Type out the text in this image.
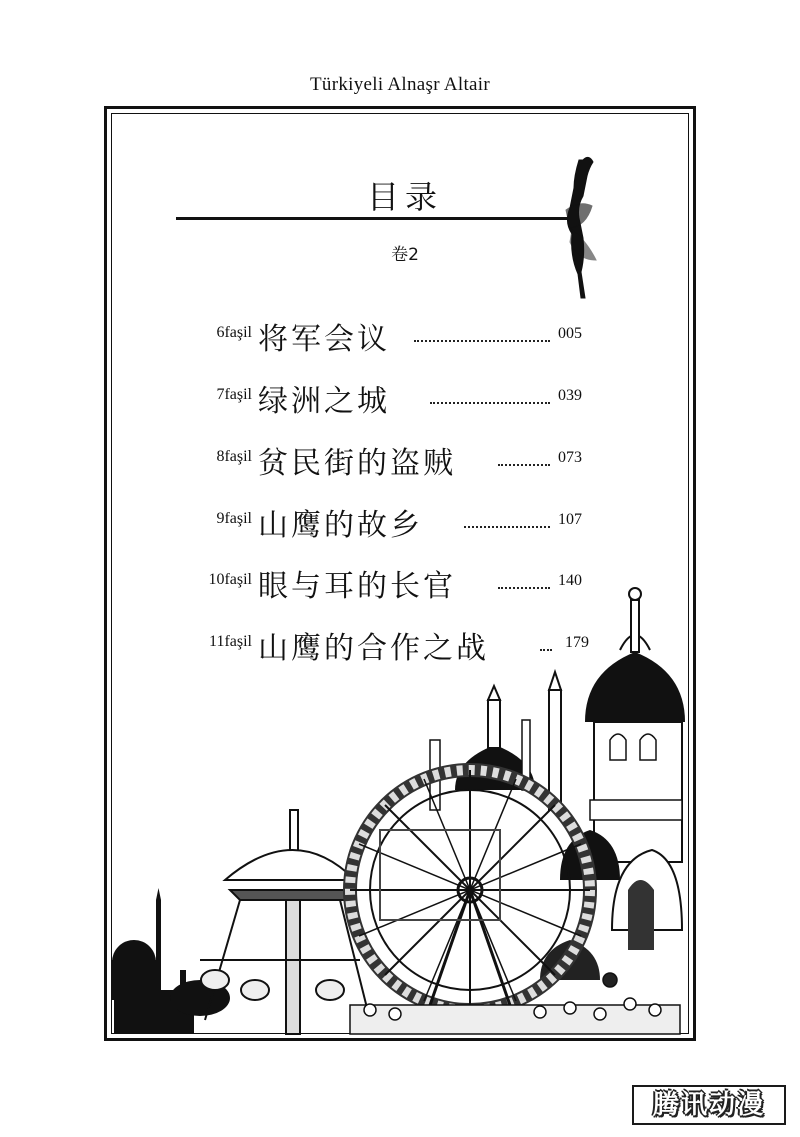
Türkiyeli Alnaşr Altair
目录
卷2
6faşil 将军会议	005
7faşil 绿洲之城	039
8faşil 贫民街的盗贼	073
9faşil 山鹰的故乡	107
10faşil 眼与耳的长官	140
11faşil 山鹰的合作之战	179
腾讯动漫
